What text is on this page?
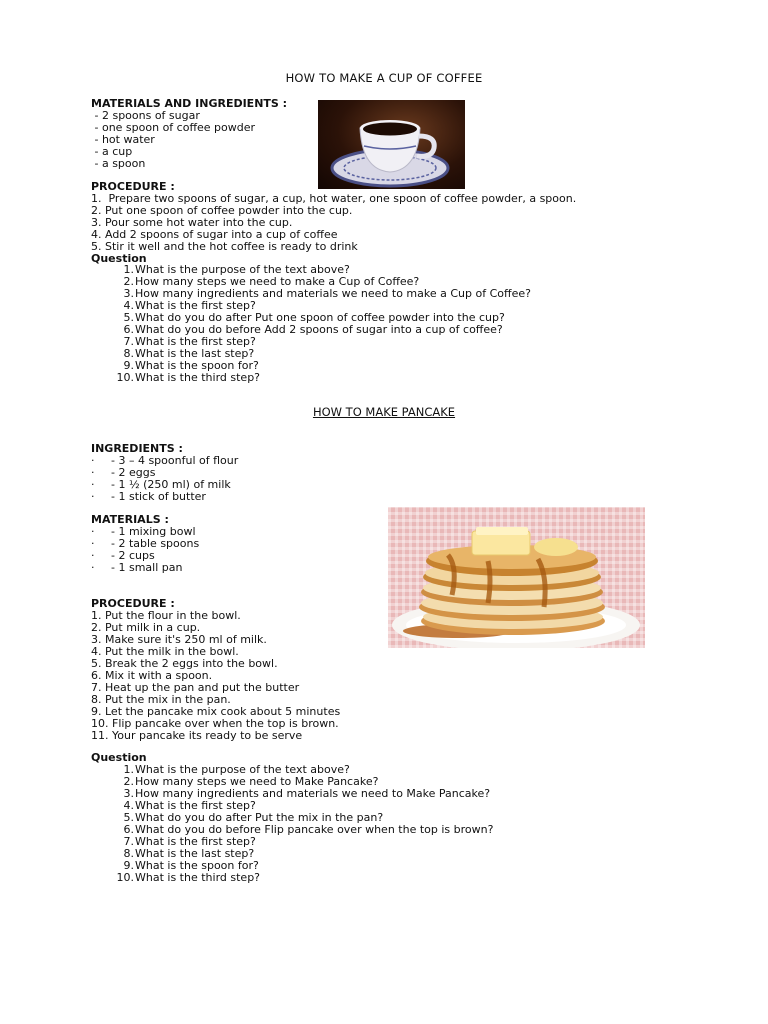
HOW TO MAKE A CUP OF COFFEE
MATERIALS AND INGREDIENTS :
- 2 spoons of sugar
- one spoon of coffee powder
- hot water
- a cup
- a spoon
PROCEDURE :
1.  Prepare two spoons of sugar, a cup, hot water, one spoon of coffee powder, a spoon.
2. Put one spoon of coffee powder into the cup.
3. Pour some hot water into the cup.
4. Add 2 spoons of sugar into a cup of coffee
5. Stir it well and the hot coffee is ready to drink
Question
1. What is the purpose of the text above?
2. How many steps we need to make a Cup of Coffee?
3. How many ingredients and materials we need to make a Cup of Coffee?
4. What is the first step?
5. What do you do after Put one spoon of coffee powder into the cup?
6. What do you do before Add 2 spoons of sugar into a cup of coffee?
7. What is the first step?
8. What is the last step?
9. What is the spoon for?
10. What is the third step?
HOW TO MAKE PANCAKE
INGREDIENTS :
·	- 3 – 4 spoonful of flour
·	- 2 eggs
·	- 1 ½ (250 ml) of milk
·	- 1 stick of butter
MATERIALS :
·	- 1 mixing bowl
·	- 2 table spoons
·	- 2 cups
·	- 1 small pan
PROCEDURE :
1. Put the flour in the bowl.
2. Put milk in a cup.
3. Make sure it's 250 ml of milk.
4. Put the milk in the bowl.
5. Break the 2 eggs into the bowl.
6. Mix it with a spoon.
7. Heat up the pan and put the butter
8. Put the mix in the pan.
9. Let the pancake mix cook about 5 minutes
10. Flip pancake over when the top is brown.
11. Your pancake its ready to be serve
Question
1. What is the purpose of the text above?
2. How many steps we need to Make Pancake?
3. How many ingredients and materials we need to Make Pancake?
4. What is the first step?
5. What do you do after Put the mix in the pan?
6. What do you do before Flip pancake over when the top is brown?
7. What is the first step?
8. What is the last step?
9. What is the spoon for?
10. What is the third step?
